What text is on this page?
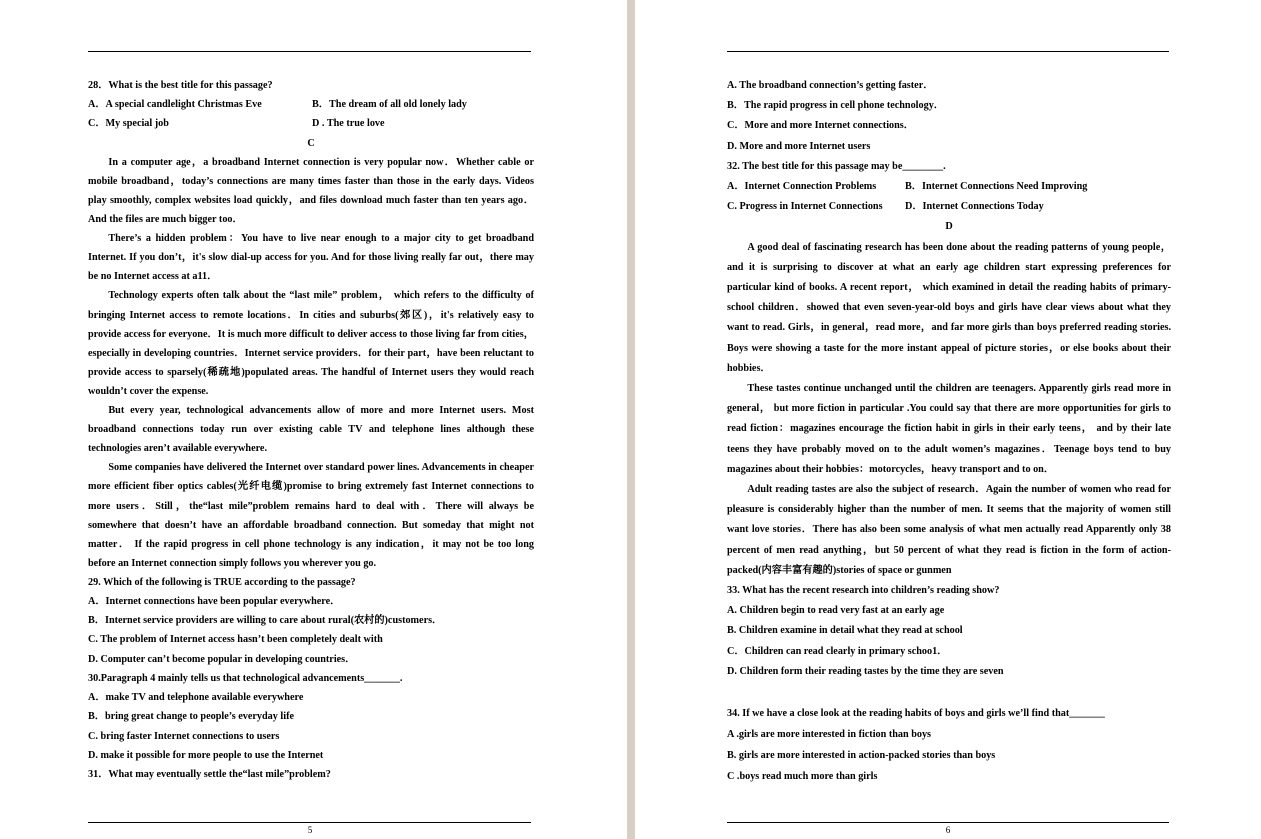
28．What is the best title for this passage?
A．A special candlelight Christmas Eve	B．The dream of all old lonely lady
C．My special job	D . The true love
C
In a computer age，a broadband Internet connection is very popular now．Whether cable or mobile broadband，today’s connections are many times faster than those in the early days. Videos play smoothly, complex websites load quickly，and files download much faster than ten years ago．And the files are much bigger too．
There’s a hidden problem：You have to live near enough to a major city to get broadband Internet. If you don’t，it's slow dial-up access for you. And for those living really far out，there may be no Internet access at a11．
Technology experts often talk about the “last mile” problem， which refers to the difficulty of bringing Internet access to remote locations．In cities and suburbs(郊区)，it's relatively easy to provide access for everyone．It is much more difficult to deliver access to those living far from cities，especially in developing countries．Internet service providers．for their part，have been reluctant to provide access to sparsely(稀疏地)populated areas. The handful of Internet users they would reach wouldn’t cover the expense.
But every year, technological advancements allow of more and more Internet users. Most broadband connections today run over existing cable TV and telephone lines although these technologies aren’t available everywhere.
Some companies have delivered the Internet over standard power lines. Advancements in cheaper more efficient fiber optics cables(光纤电缆)promise to bring extremely fast Internet connections to more users．Still，the“last mile”problem remains hard to deal with．There will always be somewhere that doesn’t have an affordable broadband connection. But someday that might not matter． If the rapid progress in cell phone technology is any indication，it may not be too long before an Internet connection simply follows you wherever you go.
29. Which of the following is TRUE according to the passage?
A．Internet connections have been popular everywhere．
B．Internet service providers are willing to care about rural(农村的)customers．
C. The problem of Internet access hasn’t been completely dealt with
D. Computer can’t become popular in developing countries．
30.Paragraph 4 mainly tells us that technological advancements_______.
A．make TV and telephone available everywhere
B．bring great change to people’s everyday life
C. bring faster Internet connections to users
D. make it possible for more people to use the Internet
31．What may eventually settle the“last mile”problem?
5
A. The broadband connection’s getting faster．
B．The rapid progress in cell phone technology．
C．More and more Internet connections．
D. More and more Internet users
32. The best title for this passage may be________.
A．Internet Connection Problems	B．Internet Connections Need Improving
C. Progress in Internet Connections	D．Internet Connections Today
D
A good deal of fascinating research has been done about the reading patterns of young people， and it is surprising to discover at what an early age children start expressing preferences for particular kind of books. A recent report， which examined in detail the reading habits of primary-school children．showed that even seven-year-old boys and girls have clear views about what they want to read. Girls，in general，read more，and far more girls than boys preferred reading stories. Boys were showing a taste for the more instant appeal of picture stories，or else books about their hobbies．
These tastes continue unchanged until the children are teenagers. Apparently girls read more in general， but more fiction in particular .You could say that there are more opportunities for girls to read fiction：magazines encourage the fiction habit in girls in their early teens， and by their late teens they have probably moved on to the adult women’s magazines．Teenage boys tend to buy magazines about their hobbies：motorcycles，heavy transport and to on．
Adult reading tastes are also the subject of research．Again the number of women who read for pleasure is considerably higher than the number of men. It seems that the majority of women still want love stories．There has also been some analysis of what men actually read Apparently only 38 percent of men read anything，but 50 percent of what they read is fiction in the form of action-packed(内容丰富有趣的)stories of space or gunmen
33. What has the recent research into children’s reading show?
A. Children begin to read very fast at an early age
B. Children examine in detail what they read at school
C．Children can read clearly in primary schoo1．
D. Children form their reading tastes by the time they are seven
34. If we have a close look at the reading habits of boys and girls we’ll find that_______
A .girls are more interested in fiction than boys
B. girls are more interested in action-packed stories than boys
C .boys read much more than girls
6
